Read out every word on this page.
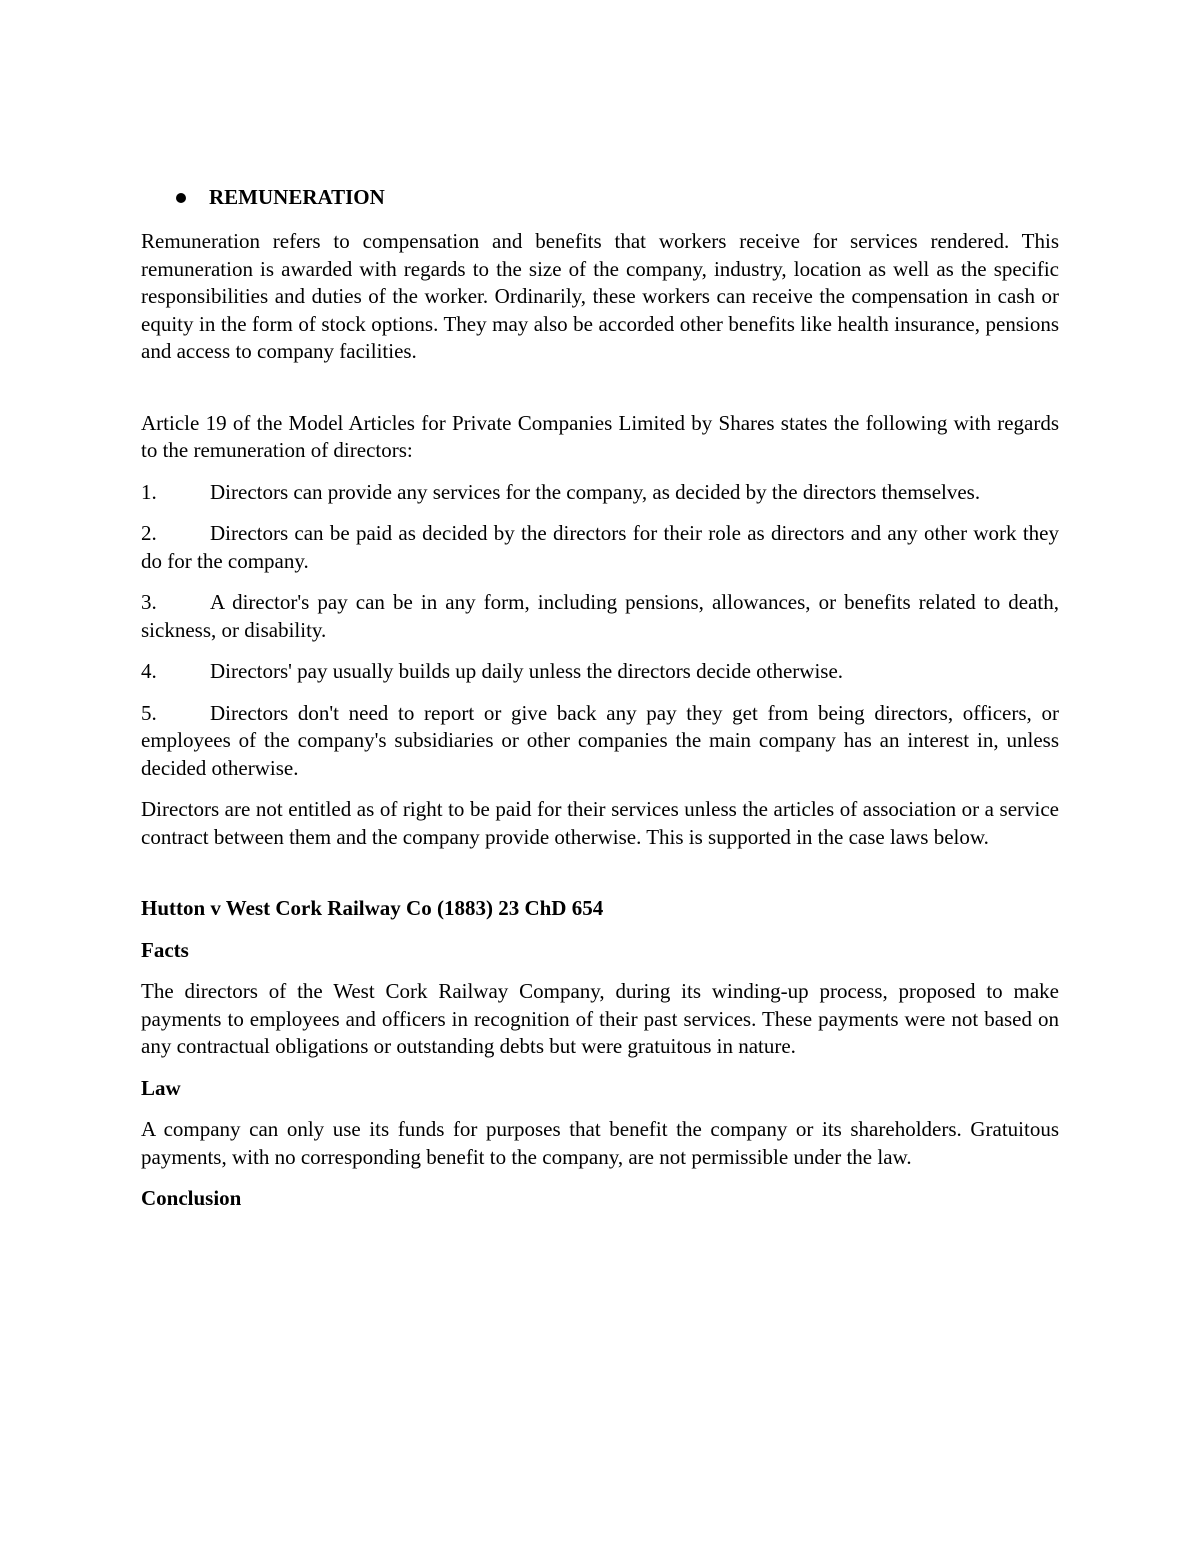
REMUNERATION

Remuneration refers to compensation and benefits that workers receive for services rendered. This remuneration is awarded with regards to the size of the company, industry, location as well as the specific responsibilities and duties of the worker. Ordinarily, these workers can receive the compensation in cash or equity in the form of stock options. They may also be accorded other benefits like health insurance, pensions and access to company facilities.

Article 19 of the Model Articles for Private Companies Limited by Shares states the following with regards to the remuneration of directors:

1.	Directors can provide any services for the company, as decided by the directors themselves.
2.	Directors can be paid as decided by the directors for their role as directors and any other work they do for the company.
3.	A director's pay can be in any form, including pensions, allowances, or benefits related to death, sickness, or disability.
4.	Directors' pay usually builds up daily unless the directors decide otherwise.
5.	Directors don't need to report or give back any pay they get from being directors, officers, or employees of the company's subsidiaries or other companies the main company has an interest in, unless decided otherwise.

Directors are not entitled as of right to be paid for their services unless the articles of association or a service contract between them and the company provide otherwise. This is supported in the case laws below.

Hutton v West Cork Railway Co (1883) 23 ChD 654
Facts

The directors of the West Cork Railway Company, during its winding-up process, proposed to make payments to employees and officers in recognition of their past services. These payments were not based on any contractual obligations or outstanding debts but were gratuitous in nature.

Law

A company can only use its funds for purposes that benefit the company or its shareholders. Gratuitous payments, with no corresponding benefit to the company, are not permissible under the law.

Conclusion
